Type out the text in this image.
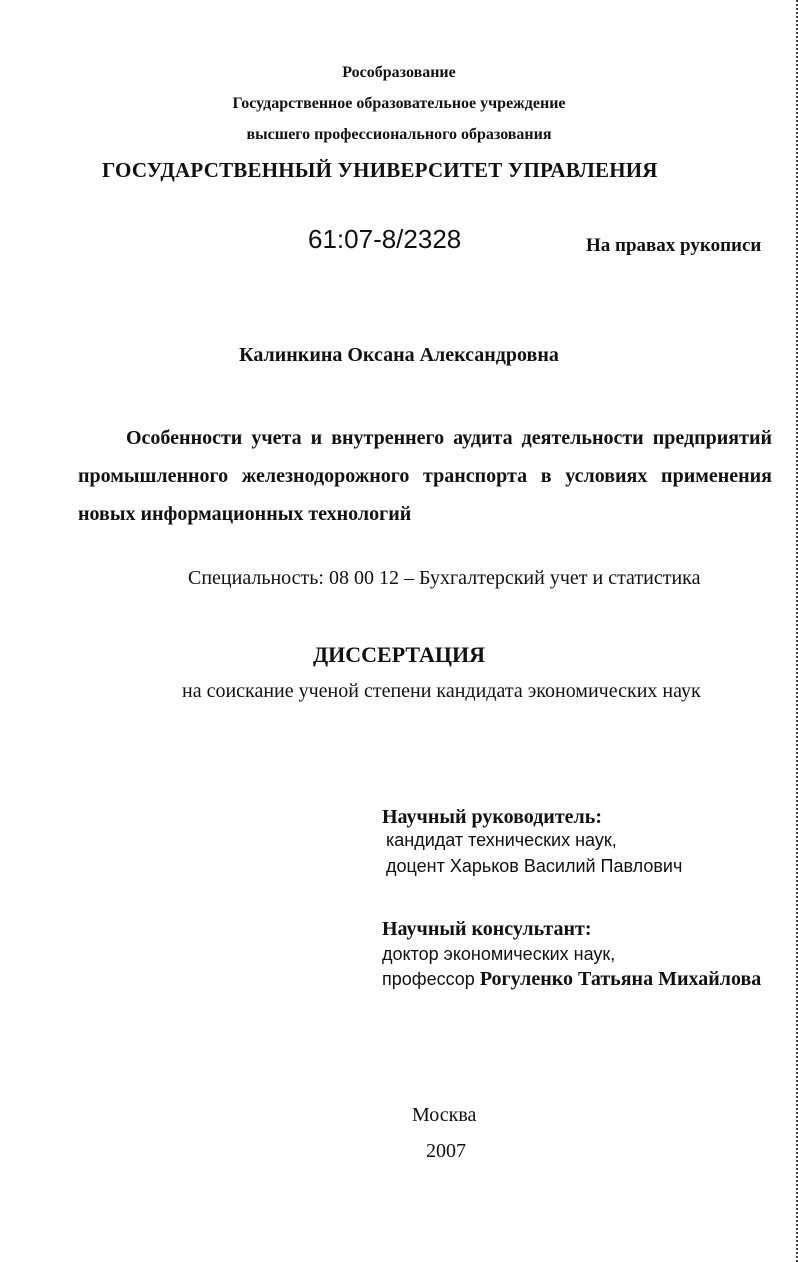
Рособразование
Государственное образовательное учреждение
высшего профессионального образования
ГОСУДАРСТВЕННЫЙ УНИВЕРСИТЕТ УПРАВЛЕНИЯ
61:07-8/2328	На правах рукописи
Калинкина Оксана Александровна
Особенности учета и внутреннего аудита деятельности предприятий
промышленного железнодорожного транспорта в условиях применения
новых информационных технологий
Специальность: 08 00 12 – Бухгалтерский учет и статистика
ДИССЕРТАЦИЯ
на соискание ученой степени кандидата экономических наук
Научный руководитель:
кандидат технических наук,
доцент Харьков Василий Павлович
Научный консультант:
доктор экономических наук,
профессор Рогуленко Татьяна Михайлова
Москва
2007
